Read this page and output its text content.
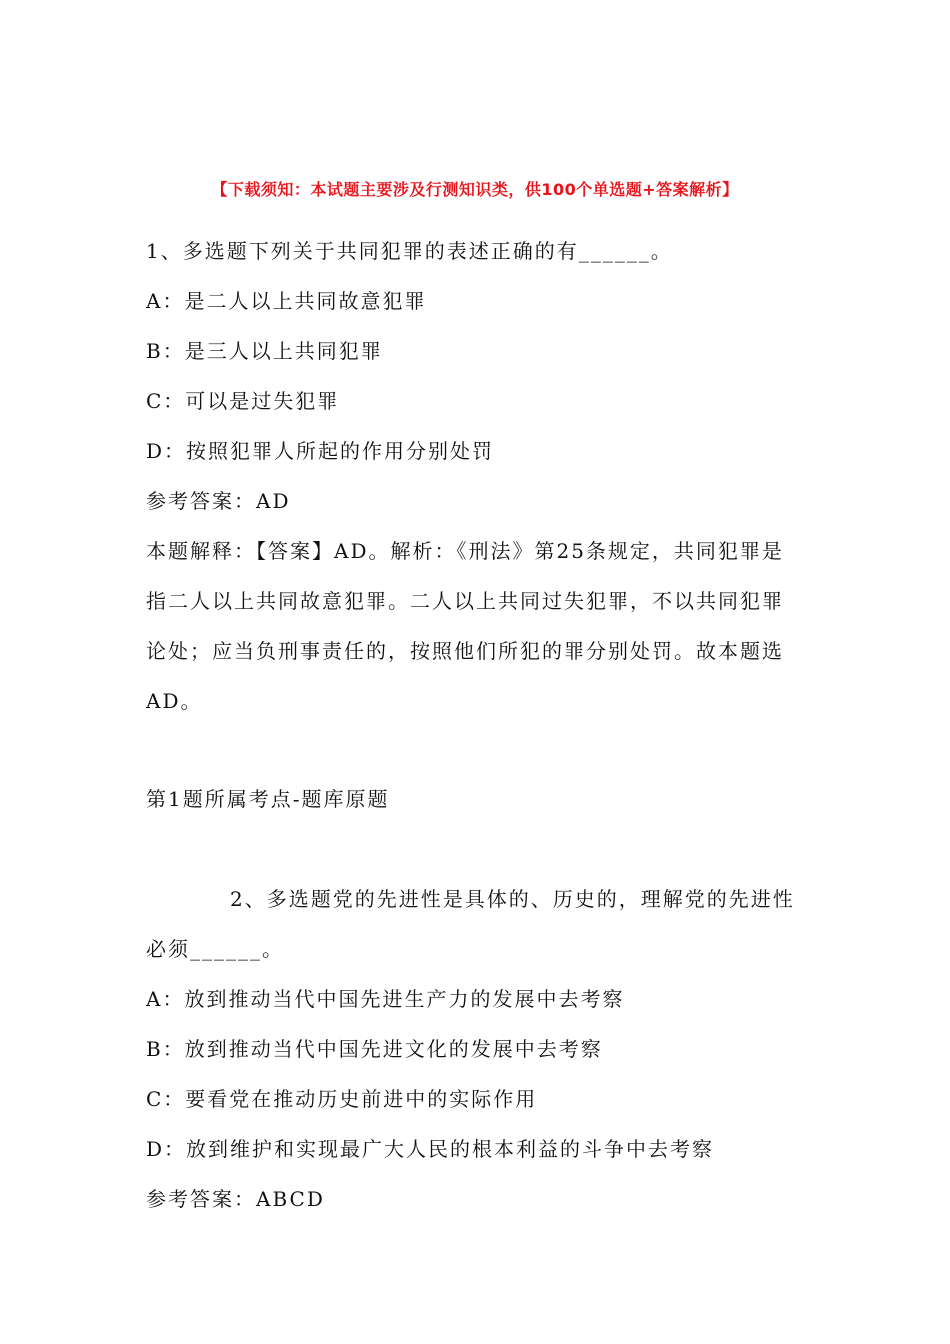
【下载须知：本试题主要涉及行测知识类，供100个单选题+答案解析】
1、多选题下列关于共同犯罪的表述正确的有______。
A：是二人以上共同故意犯罪
B：是三人以上共同犯罪
C：可以是过失犯罪
D：按照犯罪人所起的作用分别处罚
参考答案：AD
本题解释：【答案】AD。解析：《刑法》第25条规定，共同犯罪是
指二人以上共同故意犯罪。二人以上共同过失犯罪，不以共同犯罪
论处；应当负刑事责任的，按照他们所犯的罪分别处罚。故本题选
AD。
第1题所属考点-题库原题
2、多选题党的先进性是具体的、历史的，理解党的先进性
必须______。
A：放到推动当代中国先进生产力的发展中去考察
B：放到推动当代中国先进文化的发展中去考察
C：要看党在推动历史前进中的实际作用
D：放到维护和实现最广大人民的根本利益的斗争中去考察
参考答案：ABCD
